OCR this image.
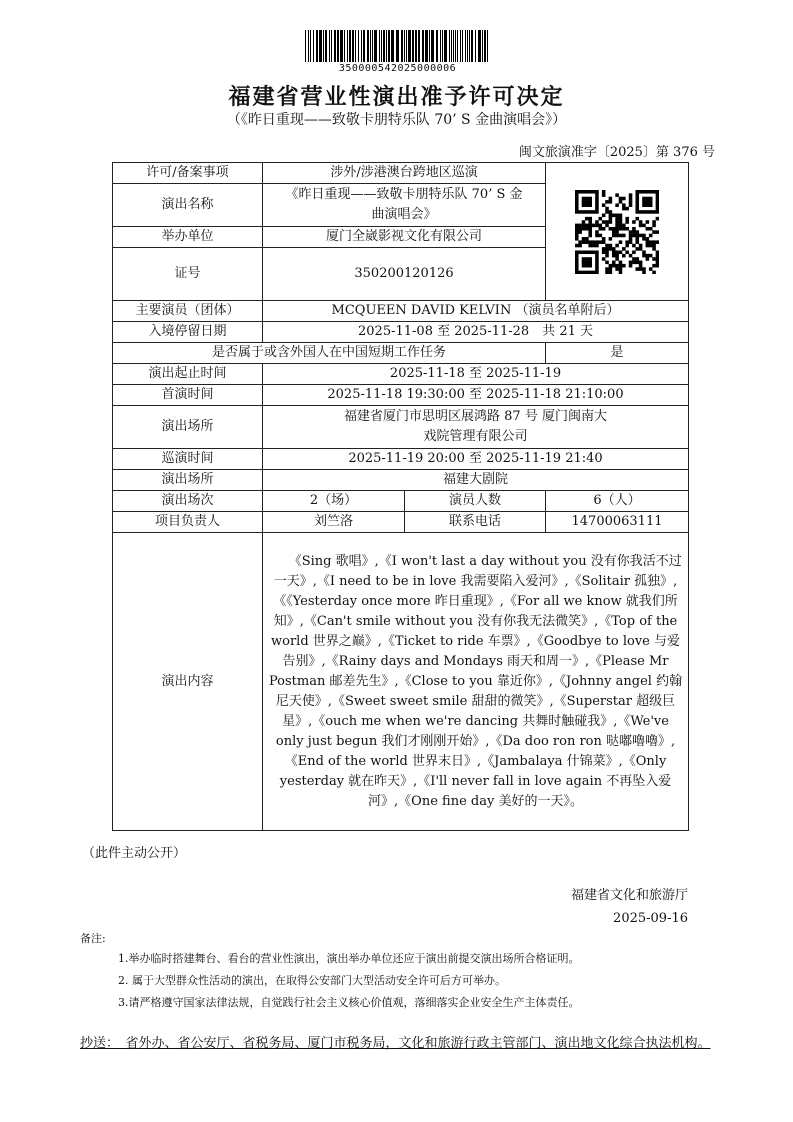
350000542025000006
福建省营业性演出准予许可决定
（《昨日重现——致敬卡朋特乐队 70’ S 金曲演唱会》）
闽文旅演准字〔2025〕第 376 号
许可/备案事项	涉外/涉港澳台跨地区巡演	

演出名称	《昨日重现——致敬卡朋特乐队 70’ S 金曲演唱会》		
举办单位	厦门全崴影视文化有限公司		
证号	350200120126		
主要演员（团体）	MCQUEEN DAVID KELVIN （演员名单附后）		
入境停留日期	2025-11-08 至 2025-11-28　共 21 天		
是否属于或含外国人在中国短期工作任务			是
演出起止时间	2025-11-18 至 2025-11-19		
首演时间	2025-11-18 19:30:00 至 2025-11-18 21:10:00		
演出场所	福建省厦门市思明区展鸿路 87 号 厦门闽南大戏院管理有限公司		
巡演时间	2025-11-19 20:00 至 2025-11-19 21:40		
演出场所	福建大剧院		
演出场次	2（场）	演员人数	6（人）
项目负责人	刘竺洛	联系电话	14700063111
演出内容	　　《Sing 歌唱》,《I won't last a day without you 没有你我活不过一天》,《I need to be in love 我需要陷入爱河》,《Solitair 孤独》,《《Yesterday once more 昨日重现》,《For all we know 就我们所知》,《Can't smile without you 没有你我无法微笑》,《Top of the world 世界之巅》,《Ticket to ride 车票》,《Goodbye to love 与爱告别》,《Rainy days and Mondays 雨天和周一》,《Please Mr Postman 邮差先生》,《Close to you 靠近你》,《Johnny angel 约翰尼天使》,《Sweet sweet smile 甜甜的微笑》,《Superstar 超级巨星》,《ouch me when we're dancing 共舞时触碰我》,《We've only just begun 我们才刚刚开始》,《Da doo ron ron 哒嘟嚕嚕》,《End of the world 世界末日》,《Jambalaya 什锦菜》,《Only yesterday 就在昨天》,《I'll never fall in love again 不再坠入爱河》,《One fine day 美好的一天》。		
（此件主动公开）
福建省文化和旅游厅
2025-09-16
备注:
1.举办临时搭建舞台、看台的营业性演出，演出举办单位还应于演出前提交演出场所合格证明。
2. 属于大型群众性活动的演出，在取得公安部门大型活动安全许可后方可举办。
3.请严格遵守国家法律法规，自觉践行社会主义核心价值观，落细落实企业安全生产主体责任。
抄送：　省外办、省公安厅、省税务局、厦门市税务局，文化和旅游行政主管部门、演出地文化综合执法机构。
